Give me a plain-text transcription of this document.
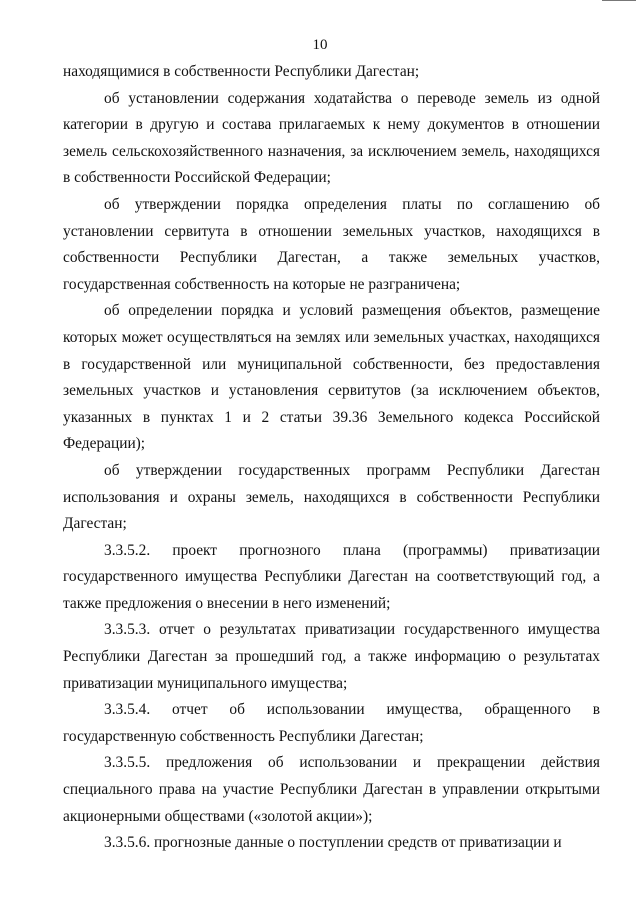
10

находящимися в собственности Республики Дагестан;

об установлении содержания ходатайства о переводе земель из одной категории в другую и состава прилагаемых к нему документов в отношении земель сельскохозяйственного назначения, за исключением земель, находящихся в собственности Российской Федерации;

об утверждении порядка определения платы по соглашению об установлении сервитута в отношении земельных участков, находящихся в собственности Республики Дагестан, а также земельных участков, государственная собственность на которые не разграничена;

об определении порядка и условий размещения объектов, размещение которых может осуществляться на землях или земельных участках, находящихся в государственной или муниципальной собственности, без предоставления земельных участков и установления сервитутов (за исключением объектов, указанных в пунктах 1 и 2 статьи 39.36 Земельного кодекса Российской Федерации);

об утверждении государственных программ Республики Дагестан использования и охраны земель, находящихся в собственности Республики Дагестан;

3.3.5.2. проект прогнозного плана (программы) приватизации государственного имущества Республики Дагестан на соответствующий год, а также предложения о внесении в него изменений;

3.3.5.3. отчет о результатах приватизации государственного имущества Республики Дагестан за прошедший год, а также информацию о результатах приватизации муниципального имущества;

3.3.5.4. отчет об использовании имущества, обращенного в государственную собственность Республики Дагестан;

3.3.5.5. предложения об использовании и прекращении действия специального права на участие Республики Дагестан в управлении открытыми акционерными обществами («золотой акции»);

3.3.5.6. прогнозные данные о поступлении средств от приватизации и
